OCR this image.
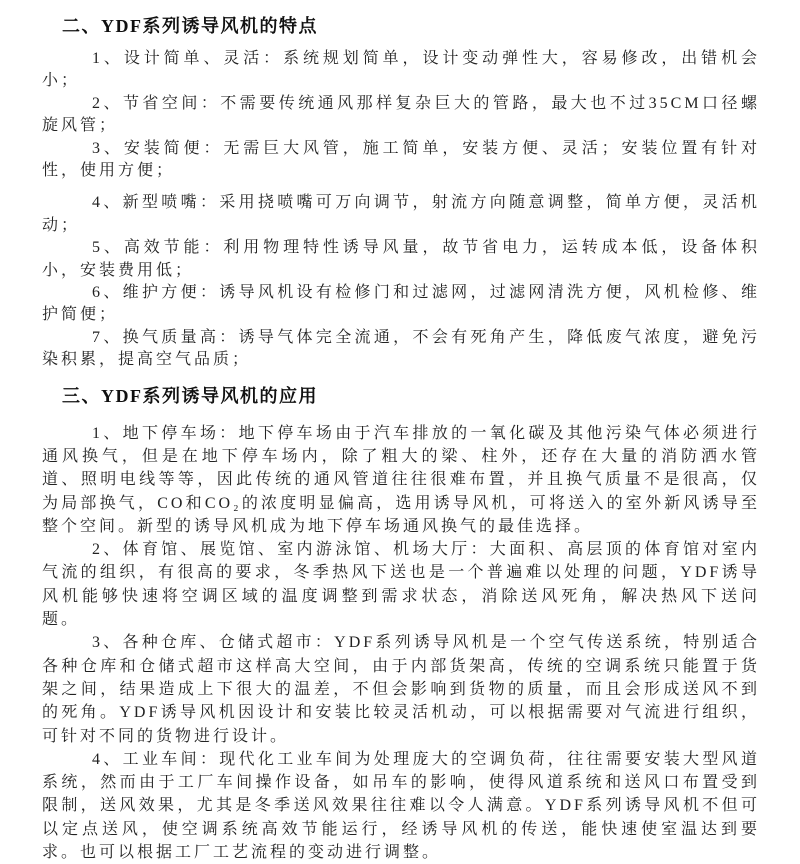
二、YDF系列诱导风机的特点

1、设计简单、灵活：系统规划简单，设计变动弹性大，容易修改，出错机会小；

2、节省空间：不需要传统通风那样复杂巨大的管路，最大也不过35CM口径螺旋风管；

3、安装简便：无需巨大风管，施工简单，安装方便、灵活；安装位置有针对性，使用方便；

4、新型喷嘴：采用挠喷嘴可万向调节，射流方向随意调整，简单方便，灵活机动；

5、高效节能：利用物理特性诱导风量，故节省电力，运转成本低，设备体积小，安装费用低；

6、维护方便：诱导风机设有检修门和过滤网，过滤网清洗方便，风机检修、维护简便；

7、换气质量高：诱导气体完全流通，不会有死角产生，降低废气浓度，避免污染积累，提高空气品质；

三、YDF系列诱导风机的应用

1、地下停车场：地下停车场由于汽车排放的一氧化碳及其他污染气体必须进行通风换气，但是在地下停车场内，除了粗大的梁、柱外，还存在大量的消防洒水管道、照明电线等等，因此传统的通风管道往往很难布置，并且换气质量不是很高，仅为局部换气，CO和CO₂的浓度明显偏高，选用诱导风机，可将送入的室外新风诱导至整个空间。新型的诱导风机成为地下停车场通风换气的最佳选择。

2、体育馆、展览馆、室内游泳馆、机场大厅：大面积、高层顶的体育馆对室内气流的组织，有很高的要求，冬季热风下送也是一个普遍难以处理的问题，YDF诱导风机能够快速将空调区域的温度调整到需求状态，消除送风死角，解决热风下送问题。

3、各种仓库、仓储式超市：YDF系列诱导风机是一个空气传送系统，特别适合各种仓库和仓储式超市这样高大空间，由于内部货架高，传统的空调系统只能置于货架之间，结果造成上下很大的温差，不但会影响到货物的质量，而且会形成送风不到的死角。YDF诱导风机因设计和安装比较灵活机动，可以根据需要对气流进行组织，可针对不同的货物进行设计。

4、工业车间：现代化工业车间为处理庞大的空调负荷，往往需要安装大型风道系统，然而由于工厂车间操作设备，如吊车的影响，使得风道系统和送风口布置受到限制，送风效果，尤其是冬季送风效果往往难以令人满意。YDF系列诱导风机不但可以定点送风，使空调系统高效节能运行，经诱导风机的传送，能快速使室温达到要求。也可以根据工厂工艺流程的变动进行调整。
